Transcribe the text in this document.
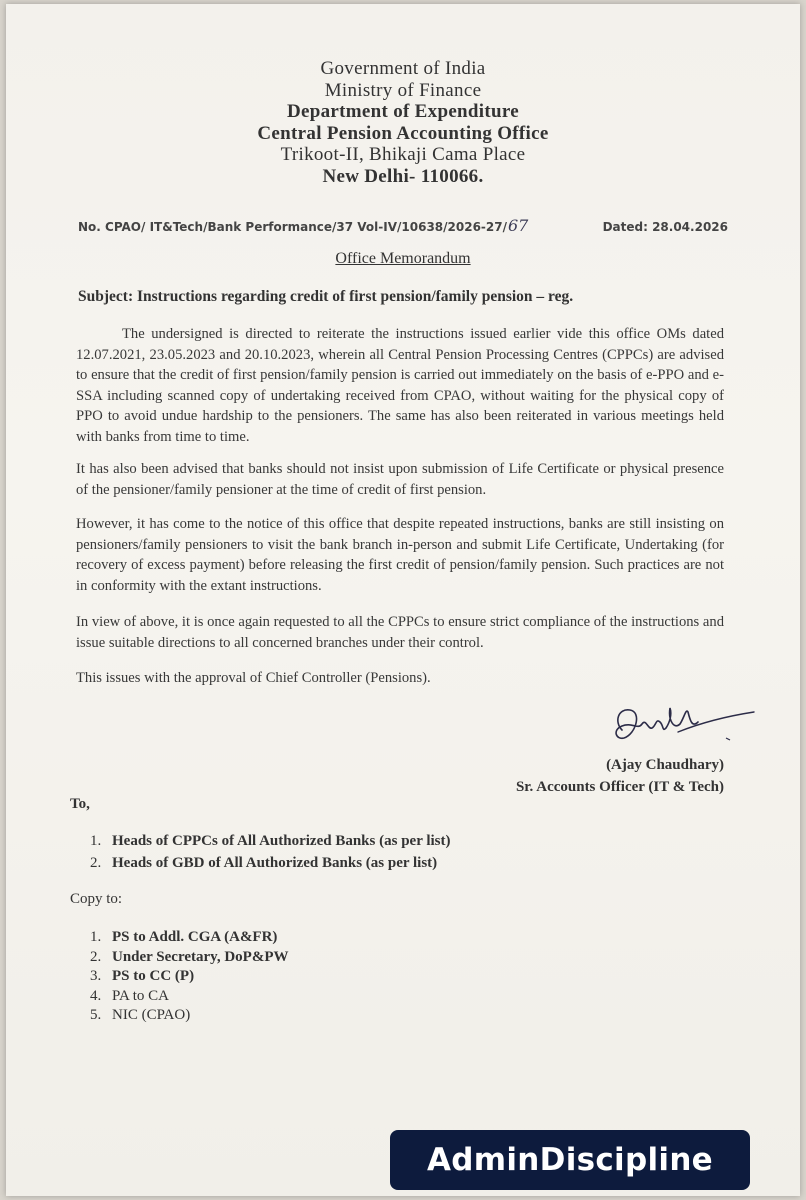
Government of India
Ministry of Finance
Department of Expenditure
Central Pension Accounting Office
Trikoot-II, Bhikaji Cama Place
New Delhi- 110066.
No. CPAO/ IT&Tech/Bank Performance/37 Vol-IV/10638/2026-27/67	Dated: 28.04.2026
Office Memorandum
Subject: Instructions regarding credit of first pension/family pension – reg.
The undersigned is directed to reiterate the instructions issued earlier vide this office OMs dated 12.07.2021, 23.05.2023 and 20.10.2023, wherein all Central Pension Processing Centres (CPPCs) are advised to ensure that the credit of first pension/family pension is carried out immediately on the basis of e-PPO and e-SSA including scanned copy of undertaking received from CPAO, without waiting for the physical copy of PPO to avoid undue hardship to the pensioners. The same has also been reiterated in various meetings held with banks from time to time.
It has also been advised that banks should not insist upon submission of Life Certificate or physical presence of the pensioner/family pensioner at the time of credit of first pension.
However, it has come to the notice of this office that despite repeated instructions, banks are still insisting on pensioners/family pensioners to visit the bank branch in-person and submit Life Certificate, Undertaking (for recovery of excess payment) before releasing the first credit of pension/family pension. Such practices are not in conformity with the extant instructions.
In view of above, it is once again requested to all the CPPCs to ensure strict compliance of the instructions and issue suitable directions to all concerned branches under their control.
This issues with the approval of Chief Controller (Pensions).
(Ajay Chaudhary)
Sr. Accounts Officer (IT & Tech)
To,
1. Heads of CPPCs of All Authorized Banks (as per list)
2. Heads of GBD of All Authorized Banks (as per list)
Copy to:
1. PS to Addl. CGA (A&FR)
2. Under Secretary, DoP&PW
3. PS to CC (P)
4. PA to CA
5. NIC (CPAO)
AdminDiscipline
